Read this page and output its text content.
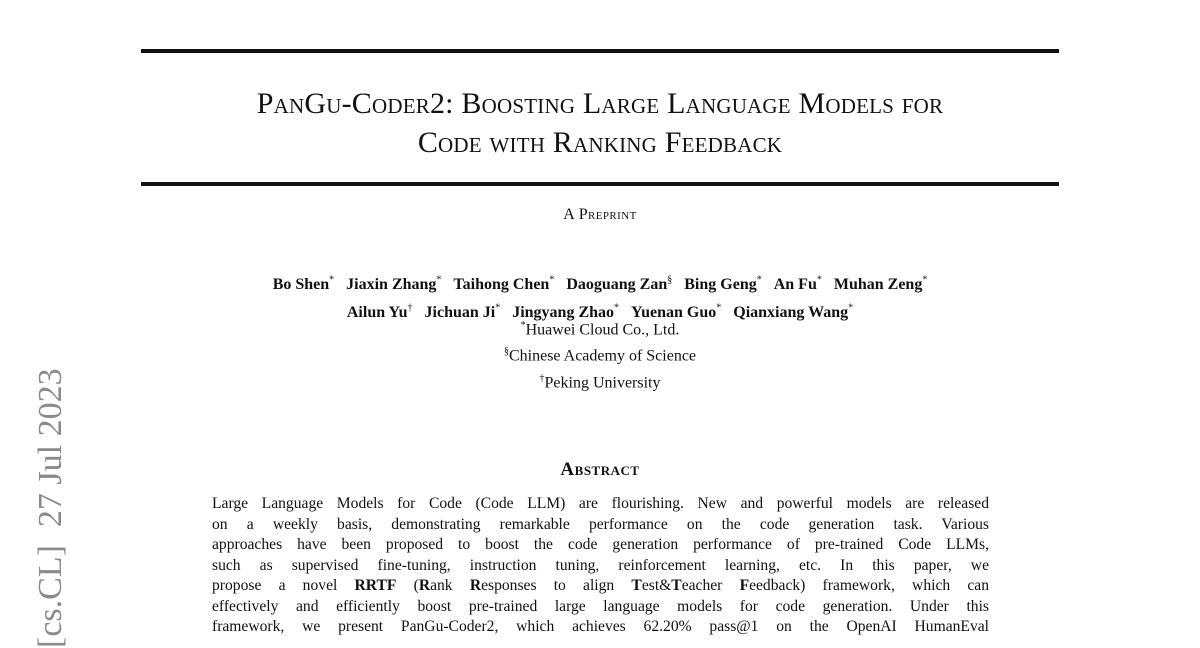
[cs.CL]27 Jul 2023
PanGu-Coder2: Boosting Large Language Models for
Code with Ranking Feedback
A Preprint
Bo Shen* Jiaxin Zhang* Taihong Chen* Daoguang Zan§ Bing Geng* An Fu* Muhan Zeng*
Ailun Yu† Jichuan Ji* Jingyang Zhao* Yuenan Guo* Qianxiang Wang*
*Huawei Cloud Co., Ltd.
§Chinese Academy of Science
†Peking University
Abstract
Large Language Models for Code (Code LLM) are flourishing. New and powerful models are released
on a weekly basis, demonstrating remarkable performance on the code generation task. Various
approaches have been proposed to boost the code generation performance of pre-trained Code LLMs,
such as supervised fine-tuning, instruction tuning, reinforcement learning, etc. In this paper, we
propose a novel RRTF (Rank Responses to align Test&Teacher Feedback) framework, which can
effectively and efficiently boost pre-trained large language models for code generation. Under this
framework, we present PanGu-Coder2, which achieves 62.20% pass@1 on the OpenAI HumanEval
